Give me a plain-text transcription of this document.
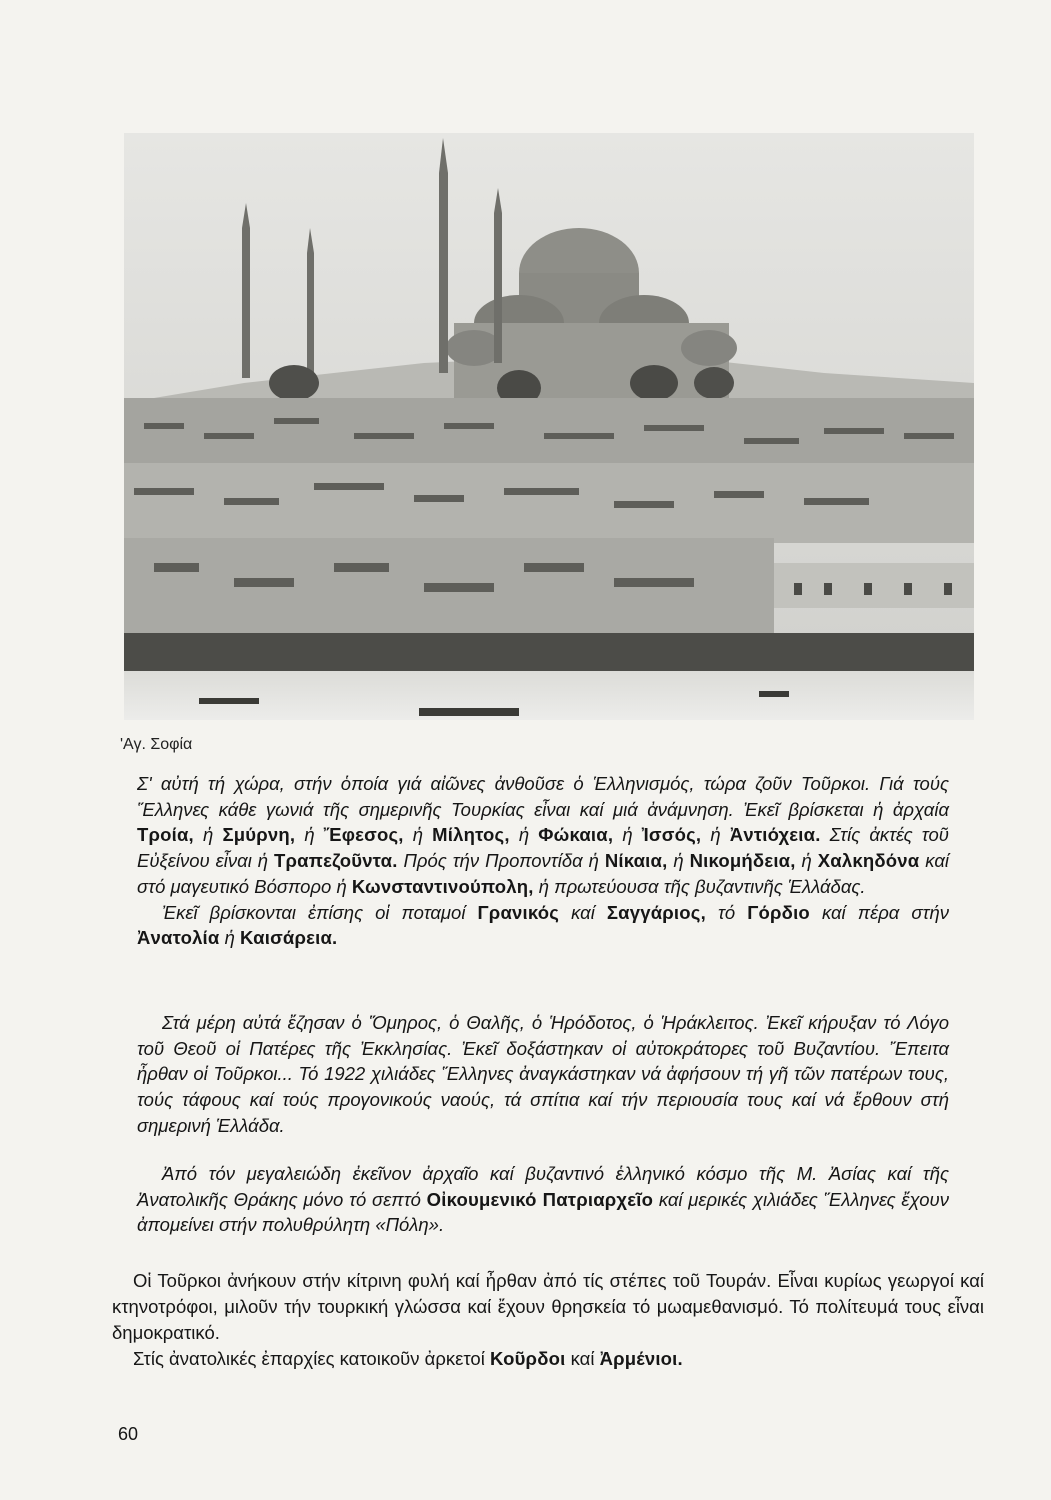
'Αγ. Σοφία

Σ' αὐτή τή χώρα, στήν ὁποία γιά αἰῶνες ἀνθοῦσε ὁ Ἑλληνισμός, τώρα ζοῦν Τοῦρκοι. Γιά τούς Ἕλληνες κάθε γωνιά τῆς σημερινῆς Τουρκίας εἶναι καί μιά ἀνάμνηση. Ἐκεῖ βρίσκεται ἡ ἀρχαία Τροία, ἡ Σμύρνη, ἡ Ἔφεσος, ἡ Μίλητος, ἡ Φώκαια, ἡ Ἰσσός, ἡ Ἀντιόχεια. Στίς ἀκτές τοῦ Εὐξείνου εἶναι ἡ Τραπεζοῦντα. Πρός τήν Προποντίδα ἡ Νίκαια, ἡ Νικομήδεια, ἡ Χαλκηδόνα καί στό μαγευτικό Βόσπορο ἡ Κωνσταντινούπολη, ἡ πρωτεύουσα τῆς βυζαντινῆς Ἑλλάδας.

Ἐκεῖ βρίσκονται ἐπίσης οἱ ποταμοί Γρανικός καί Σαγγάριος, τό Γόρδιο καί πέρα στήν Ἀνατολία ἡ Καισάρεια.

Στά μέρη αὐτά ἔζησαν ὁ Ὅμηρος, ὁ Θαλῆς, ὁ Ἡρόδοτος, ὁ Ἡράκλειτος. Ἐκεῖ κήρυξαν τό Λόγο τοῦ Θεοῦ οἱ Πατέρες τῆς Ἐκκλησίας. Ἐκεῖ δοξάστηκαν οἱ αὐτοκράτορες τοῦ Βυζαντίου. Ἔπειτα ἦρθαν οἱ Τοῦρκοι... Τό 1922 χιλιάδες Ἕλληνες ἀναγκάστηκαν νά ἀφήσουν τή γῆ τῶν πατέρων τους, τούς τάφους καί τούς προγονικούς ναούς, τά σπίτια καί τήν περιουσία τους καί νά ἔρθουν στή σημερινή Ἑλλάδα.

Ἀπό τόν μεγαλειώδη ἐκεῖνον ἀρχαῖο καί βυζαντινό ἑλληνικό κόσμο τῆς Μ. Ἀσίας καί τῆς Ἀνατολικῆς Θράκης μόνο τό σεπτό Οἰκουμενικό Πατριαρχεῖο καί μερικές χιλιάδες Ἕλληνες ἔχουν ἀπομείνει στήν πολυθρύλητη «Πόλη».

Οἱ Τοῦρκοι ἀνήκουν στήν κίτρινη φυλή καί ἦρθαν ἀπό τίς στέπες τοῦ Τουράν. Εἶναι κυρίως γεωργοί καί κτηνοτρόφοι, μιλοῦν τήν τουρκική γλώσσα καί ἔχουν θρησκεία τό μωαμεθανισμό. Τό πολίτευμά τους εἶναι δημοκρατικό.

Στίς ἀνατολικές ἐπαρχίες κατοικοῦν ἀρκετοί Κοῦρδοι καί Ἀρμένιοι.

60
